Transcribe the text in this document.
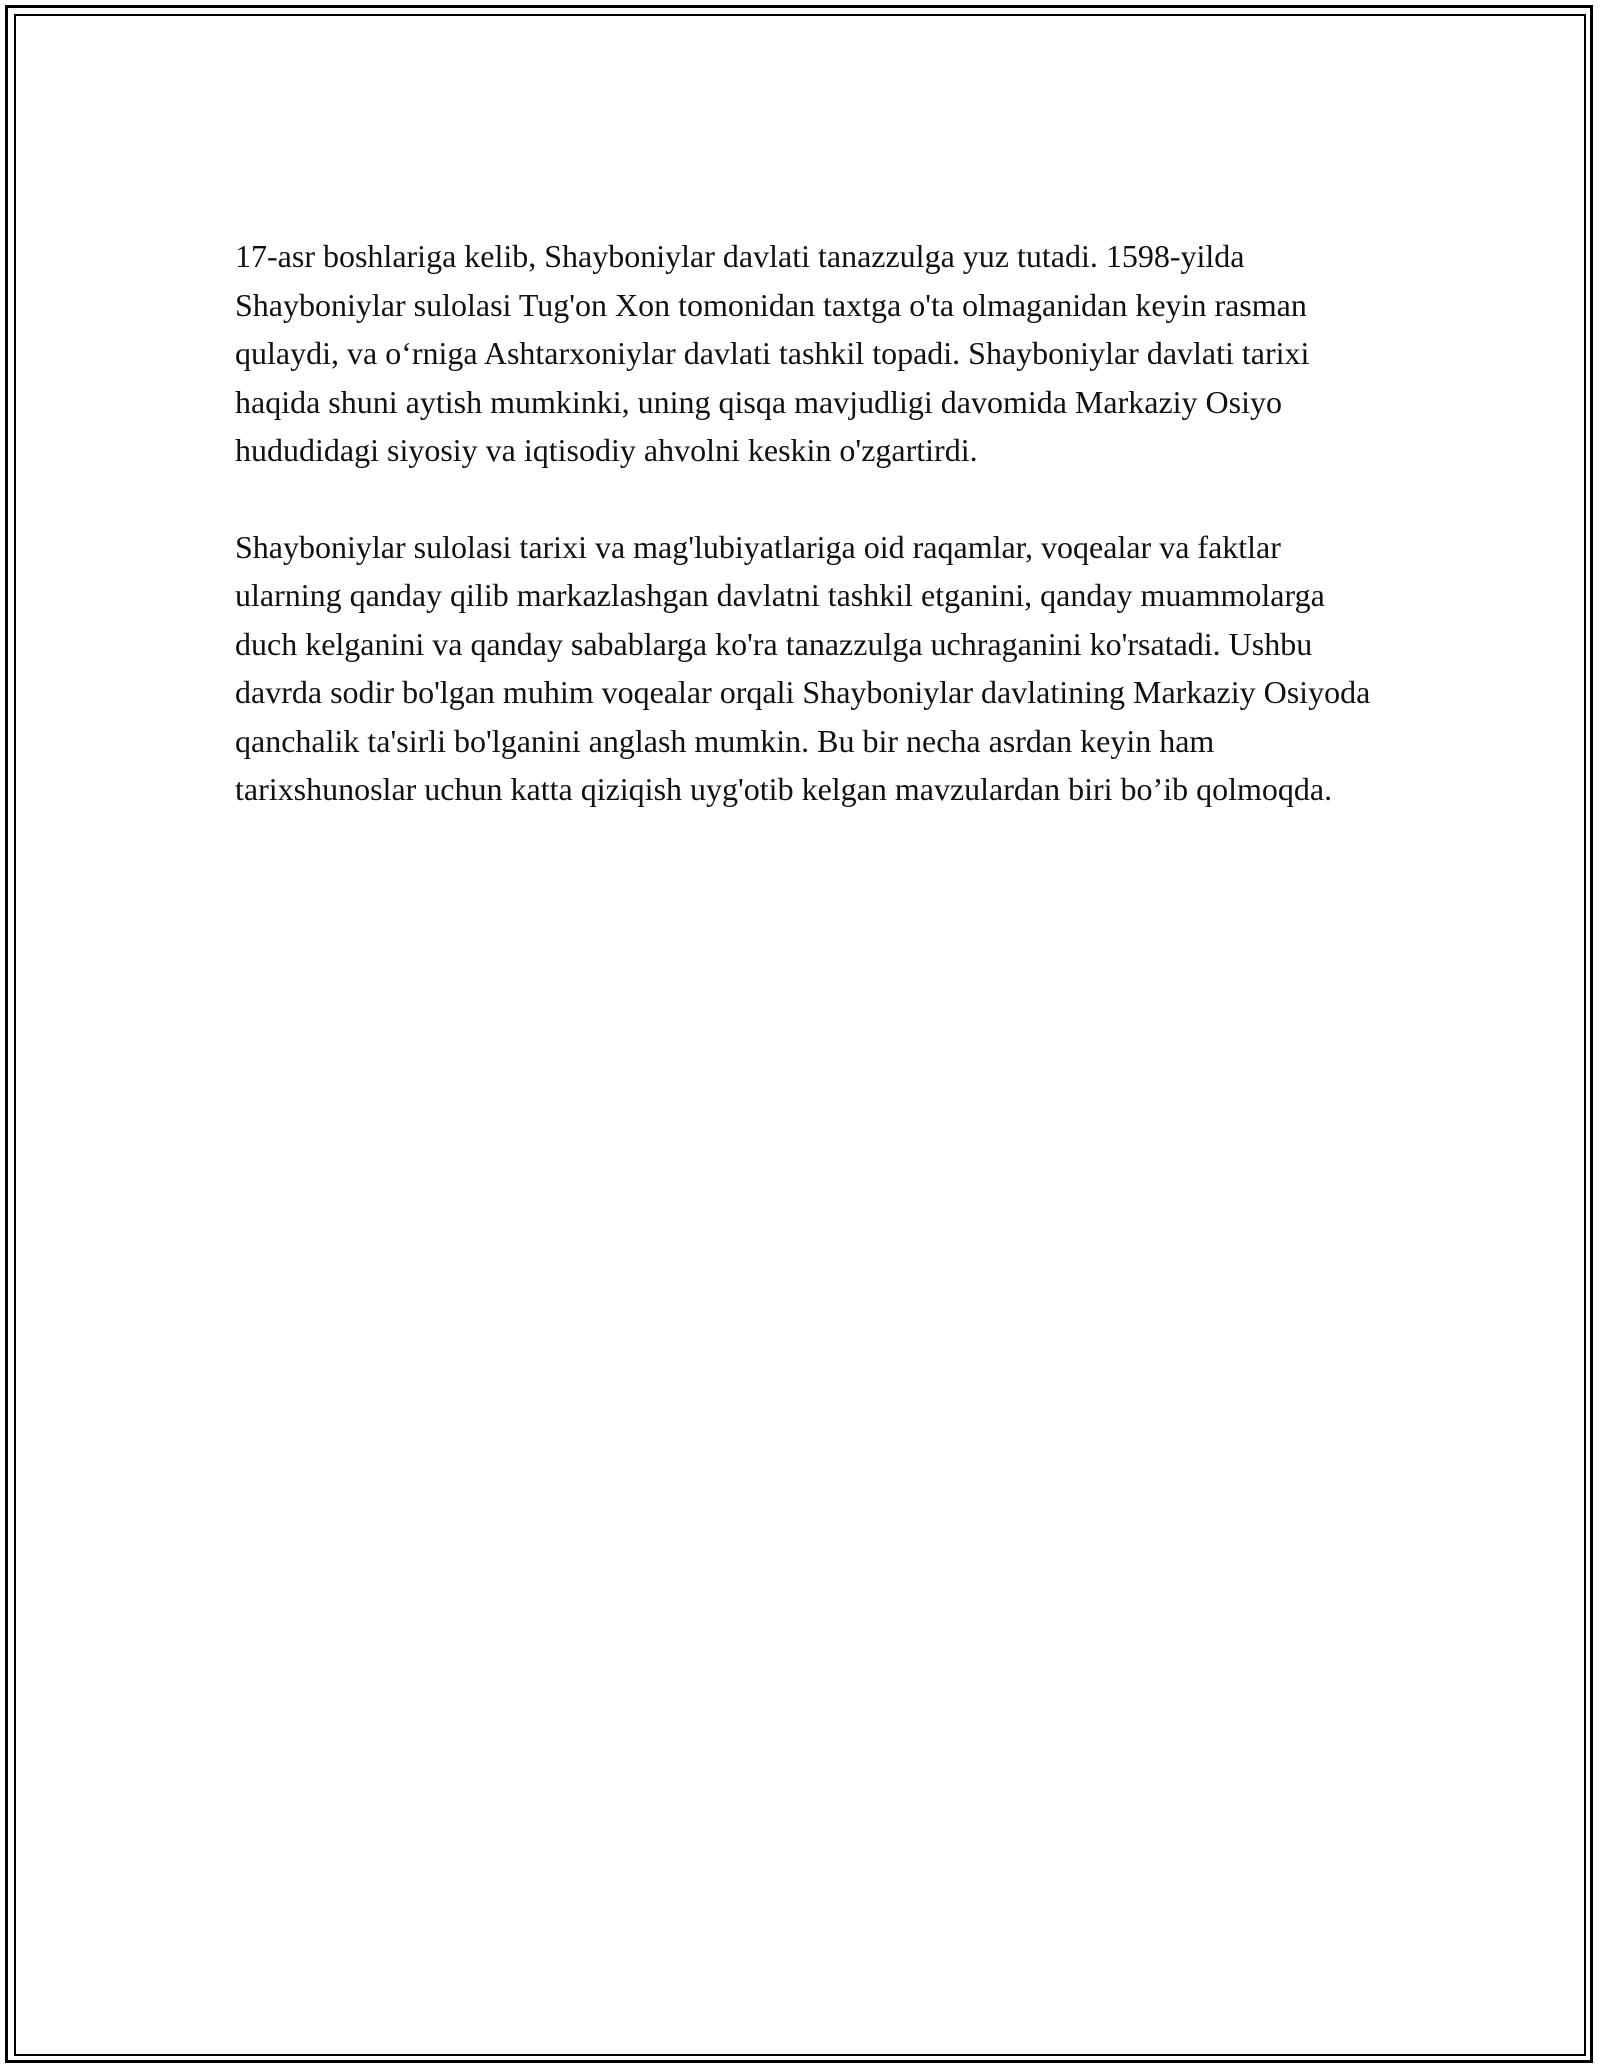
17-asr boshlariga kelib, Shayboniylar davlati tanazzulga yuz tutadi. 1598-yilda Shayboniylar sulolasi Tug'on Xon tomonidan taxtga o'ta olmaganidan keyin rasman qulaydi, va o‘rniga Ashtarxoniylar davlati tashkil topadi. Shayboniylar davlati tarixi haqida shuni aytish mumkinki, uning qisqa mavjudligi davomida Markaziy Osiyo hududidagi siyosiy va iqtisodiy ahvolni keskin o'zgartirdi.

Shayboniylar sulolasi tarixi va mag'lubiyatlariga oid raqamlar, voqealar va faktlar ularning qanday qilib markazlashgan davlatni tashkil etganini, qanday muammolarga duch kelganini va qanday sabablarga ko'ra tanazzulga uchraganini ko'rsatadi. Ushbu davrda sodir bo'lgan muhim voqealar orqali Shayboniylar davlatining Markaziy Osiyoda qanchalik ta'sirli bo'lganini anglash mumkin. Bu bir necha asrdan keyin ham tarixshunoslar uchun katta qiziqish uyg'otib kelgan mavzulardan biri bo’ib qolmoqda.
